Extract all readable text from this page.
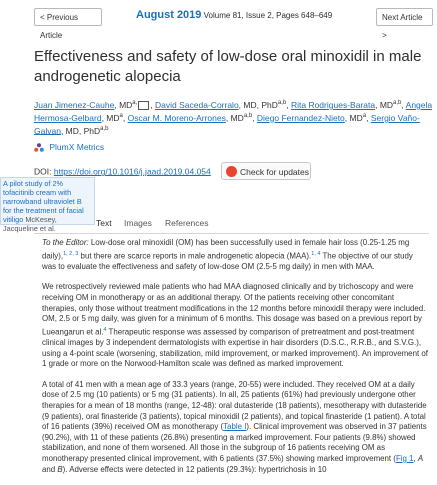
< Previous Article
August 2019 Volume 81, Issue 2, Pages 648–649	Next Article >
Effectiveness and safety of low-dose oral minoxidil in male androgenetic alopecia
Juan Jimenez-Cauhe, $MD^{a,}$ , David Saceda-Corralo, MD, PhD$^{a,b}$, Rita Rodrigues-Barata, MD$^{a,b}$, Angela Hermosa-Gelbard, $MD^a$, Oscar M. Moreno-Arrones, MD$^{a,b}$, Diego Fernandez-Nieto, $MD^a$, Sergio Vaño-Galvan, MD, PhD$^{a,b}$
PlumX Metrics
DOI: https://doi.org/10.1016/j.jaad.2019.04.054	Check for updates
A pilot study of 2% tofacitinib cream with narrowband ultraviolet B for the treatment of facial vitiligo McKesey, Jacqueline et al.
Text Images References

To the Editor: Low-dose oral minoxidil (OM) has been successfully used in female hair loss (0.25-1.25 mg daily),$^{1, 2, 3}$ but there are scarce reports in male androgenetic alopecia (MAA).$^{1, 4}$ The objective of our study was to evaluate the effectiveness and safety of low-dose OM (2.5-5 mg daily) in men with MAA.

We retrospectively reviewed male patients who had MAA diagnosed clinically and by trichoscopy and were receiving OM in monotherapy or as an additional therapy. Of the patients receiving other concomitant therapies, only those without treatment modifications in the 12 months before minoxidil therapy were included. OM, 2.5 or 5 mg daily, was given for a minimum of 6 months. This dosage was based on a previous report by Lueangarun et al.$^4$ Therapeutic response was assessed by comparison of pretreatment and post-treatment clinical images by 3 independent dermatologists with expertise in hair disorders (D.S.C., R.R.B., and S.V.G.), using a 4-point scale (worsening, stabilization, mild improvement, or marked improvement). An improvement of 1 grade or more on the Norwood-Hamilton scale was defined as marked improvement.

A total of 41 men with a mean age of 33.3 years (range, 20-55) were included. They received OM at a daily dose of 2.5 mg (10 patients) or 5 mg (31 patients). In all, 25 patients (61%) had previously undergone other therapies for a mean of 18 months (range, 12-48): oral dutasteride (18 patients), mesotherapy with dutasteride (9 patients), oral finasteride (3 patients), topical minoxidil (2 patients), and topical finasteride (1 patient). A total of 16 patients (39%) received OM as monotherapy (Table I). Clinical improvement was observed in 37 patients (90.2%), with 11 of these patients (26.8%) presenting a marked improvement. Four patients (9.8%) showed stabilization, and none of them worsened. All those in the subgroup of 16 patients receiving OM as monotherapy presented clinical improvement, with 6 patients (37.5%) showing marked improvement (Fig 1, A and B). Adverse effects were detected in 12 patients (29.3%): hypertrichosis in 10
